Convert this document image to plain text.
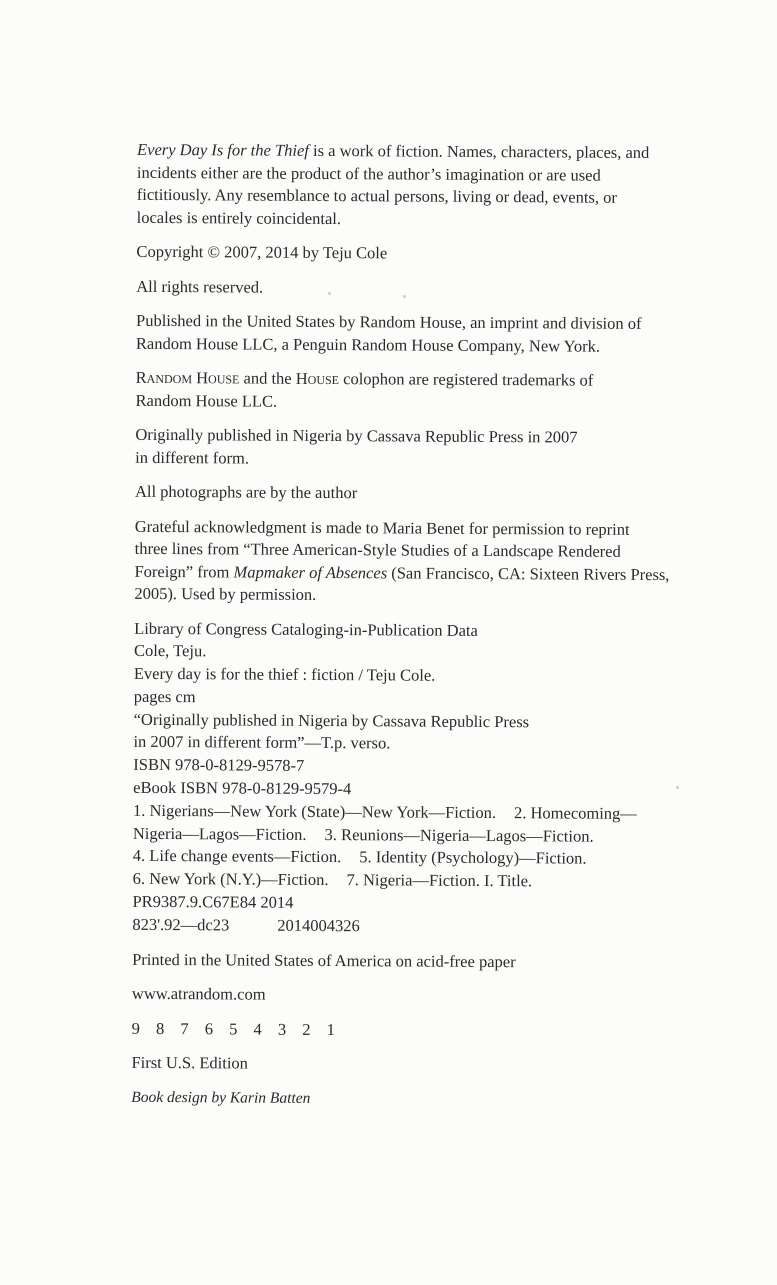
Every Day Is for the Thief is a work of fiction. Names, characters, places, and
incidents either are the product of the author’s imagination or are used
fictitiously. Any resemblance to actual persons, living or dead, events, or
locales is entirely coincidental.

Copyright © 2007, 2014 by Teju Cole

All rights reserved.

Published in the United States by Random House, an imprint and division of
Random House LLC, a Penguin Random House Company, New York.

Random House and the House colophon are registered trademarks of
Random House LLC.

Originally published in Nigeria by Cassava Republic Press in 2007
in different form.

All photographs are by the author

Grateful acknowledgment is made to Maria Benet for permission to reprint
three lines from “Three American-Style Studies of a Landscape Rendered
Foreign” from Mapmaker of Absences (San Francisco, CA: Sixteen Rivers Press,
2005). Used by permission.

Library of Congress Cataloging-in-Publication Data
Cole, Teju.
Every day is for the thief : fiction / Teju Cole.
pages cm
“Originally published in Nigeria by Cassava Republic Press
in 2007 in different form”—T.p. verso.
ISBN 978-0-8129-9578-7
eBook ISBN 978-0-8129-9579-4
1. Nigerians—New York (State)—New York—Fiction. 2. Homecoming—
Nigeria—Lagos—Fiction. 3. Reunions—Nigeria—Lagos—Fiction.
4. Life change events—Fiction. 5. Identity (Psychology)—Fiction.
6. New York (N.Y.)—Fiction. 7. Nigeria—Fiction. I. Title.
PR9387.9.C67E84 2014
823'.92—dc23	2014004326

Printed in the United States of America on acid-free paper

www.atrandom.com

9 8 7 6 5 4 3 2 1

First U.S. Edition

Book design by Karin Batten
